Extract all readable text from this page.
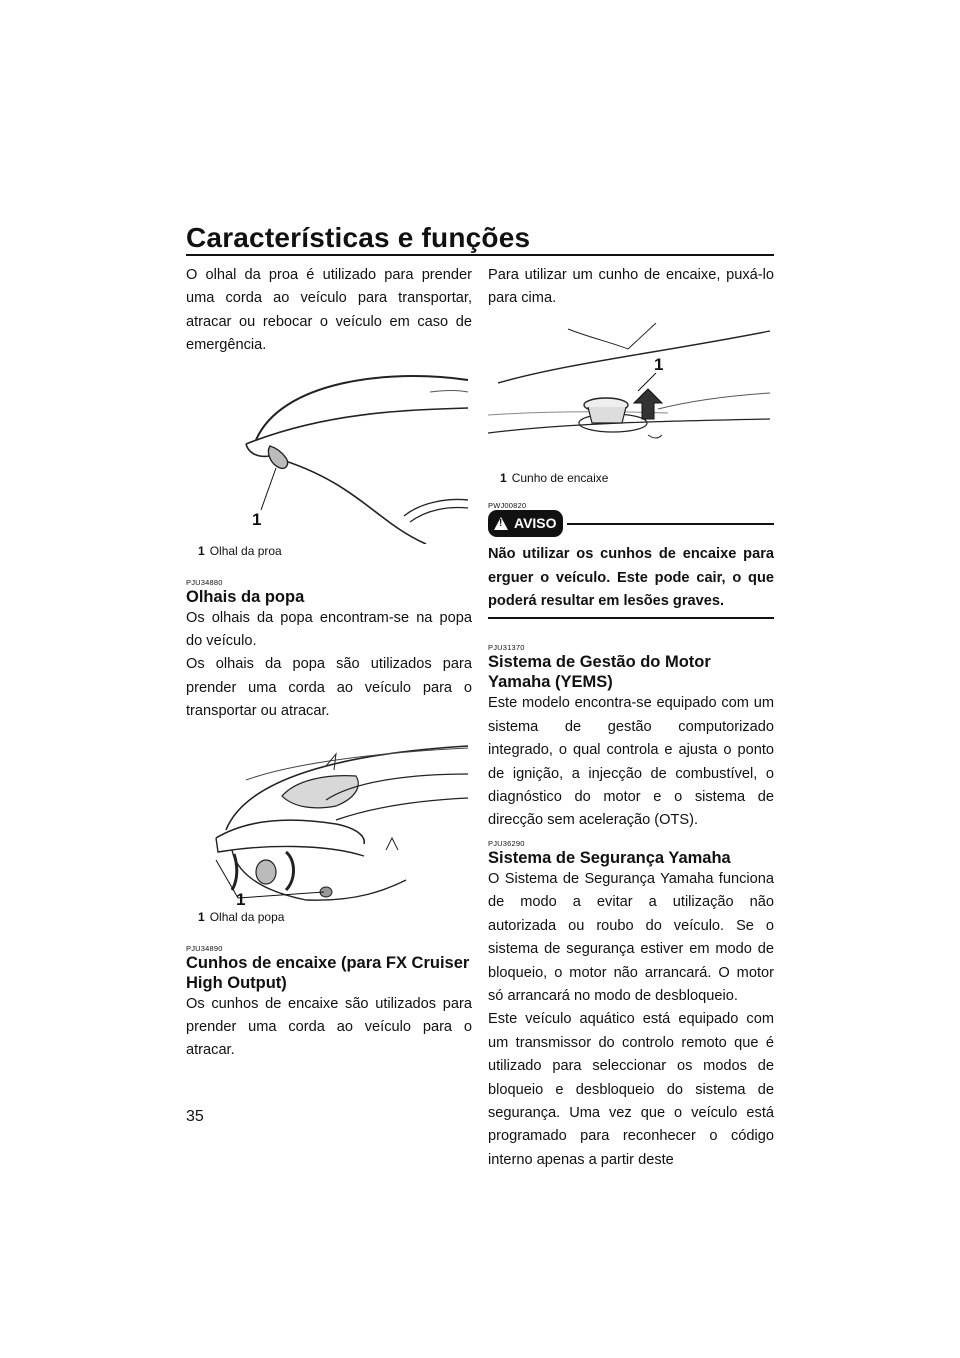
Características e funções

O olhal da proa é utilizado para prender uma corda ao veículo para transportar, atracar ou rebocar o veículo em caso de emergência.

1

1 Olhal da proa

PJU34880

Olhais da popa

Os olhais da popa encontram-se na popa do veículo.

Os olhais da popa são utilizados para prender uma corda ao veículo para o transportar ou atracar.

1

1 Olhal da popa

PJU34890

Cunhos de encaixe (para FX Cruiser High Output)

Os cunhos de encaixe são utilizados para prender uma corda ao veículo para o atracar.

Para utilizar um cunho de encaixe, puxá-lo para cima.

1

1 Cunho de encaixe

PWJ00820

! AVISO

Não utilizar os cunhos de encaixe para erguer o veículo. Este pode cair, o que poderá resultar em lesões graves.

PJU31370

Sistema de Gestão do Motor Yamaha (YEMS)

Este modelo encontra-se equipado com um sistema de gestão computorizado integrado, o qual controla e ajusta o ponto de ignição, a injecção de combustível, o diagnóstico do motor e o sistema de direcção sem aceleração (OTS).

PJU36290

Sistema de Segurança Yamaha

O Sistema de Segurança Yamaha funciona de modo a evitar a utilização não autorizada ou roubo do veículo. Se o sistema de segurança estiver em modo de bloqueio, o motor não arrancará. O motor só arrancará no modo de desbloqueio.

Este veículo aquático está equipado com um transmissor do controlo remoto que é utilizado para seleccionar os modos de bloqueio e desbloqueio do sistema de segurança. Uma vez que o veículo está programado para reconhecer o código interno apenas a partir deste

35
